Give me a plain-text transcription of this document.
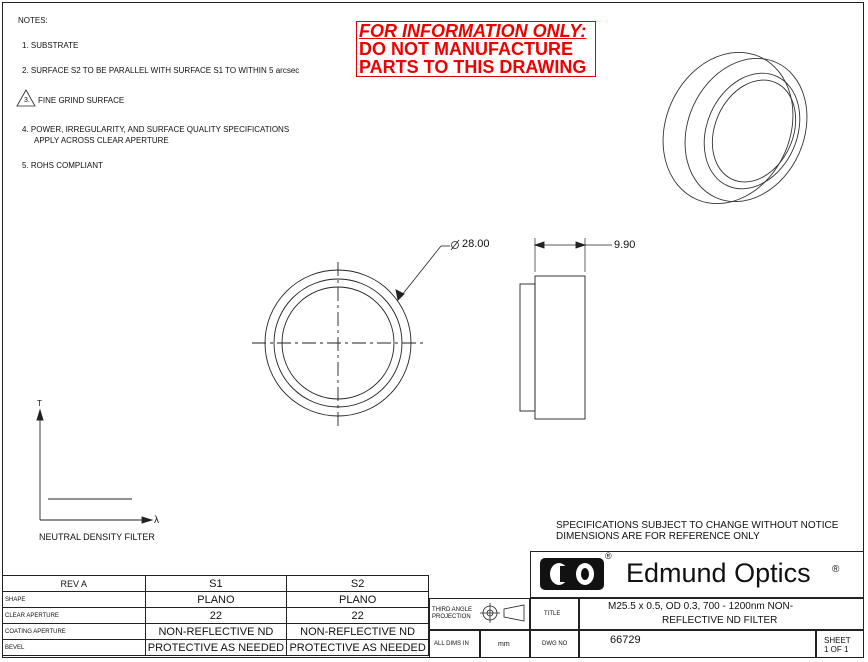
NOTES:
1. SUBSTRATE
2. SURFACE S2 TO BE PARALLEL WITH SURFACE S1 TO WITHIN 5 arcsec
FINE GRIND SURFACE
3.
4. POWER, IRREGULARITY, AND SURFACE QUALITY SPECIFICATIONS
APPLY ACROSS CLEAR APERTURE
5. ROHS COMPLIANT
FOR INFORMATION ONLY:
DO NOT MANUFACTURE
PARTS TO THIS DRAWING
28.00	9.90
T
λ
NEUTRAL DENSITY FILTER
SPECIFICATIONS SUBJECT TO CHANGE WITHOUT NOTICE
DIMENSIONS ARE FOR REFERENCE ONLY
REV A	S1	S2
SHAPE	PLANO	PLANO
CLEAR APERTURE	22	22
COATING APERTURE	NON-REFLECTIVE ND	NON-REFLECTIVE ND
BEVEL	PROTECTIVE AS NEEDED	PROTECTIVE AS NEEDED
®
Edmund Optics ®
THIRD ANGLE
PROJECTION	TITLE
M25.5 x 0.5, OD 0.3, 700 - 1200nm NON-
REFLECTIVE ND FILTER
ALL DIMS IN	mm	DWG NO	66729	SHEET
1 OF 1
